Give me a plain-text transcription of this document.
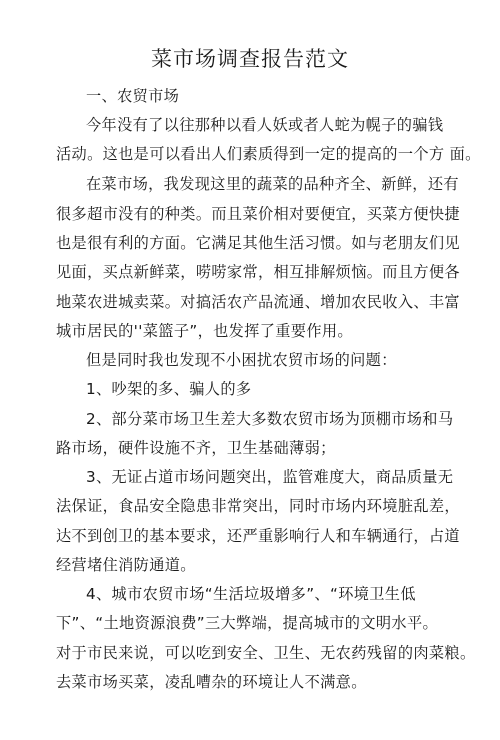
菜市场调查报告范文
一、农贸市场
今年没有了以往那种以看人妖或者人蛇为幌子的骗钱
活动。这也是可以看出人们素质得到一定的提高的一个方 面。
在菜市场，我发现这里的蔬菜的品种齐全、新鲜，还有
很多超市没有的种类。而且菜价相对要便宜，买菜方便快捷
也是很有利的方面。它满足其他生活习惯。如与老朋友们见
见面，买点新鲜菜，唠唠家常，相互排解烦恼。而且方便各
地菜农进城卖菜。对搞活农产品流通、增加农民收入、丰富
城市居民的''菜篮子”，也发挥了重要作用。
但是同时我也发现不小困扰农贸市场的问题：
1、吵架的多、骗人的多
2、部分菜市场卫生差大多数农贸市场为顶棚市场和马
路市场，硬件设施不齐，卫生基础薄弱；
3、无证占道市场问题突出，监管难度大，商品质量无
法保证，食品安全隐患非常突出，同时市场内环境脏乱差，
达不到创卫的基本要求，还严重影响行人和车辆通行，占道
经营堵住消防通道。
4、城市农贸市场“生活垃圾增多”、“环境卫生低
下”、“土地资源浪费”三大弊端，提高城市的文明水平。
对于市民来说，可以吃到安全、卫生、无农药残留的肉菜粮。
去菜市场买菜，凌乱嘈杂的环境让人不满意。
